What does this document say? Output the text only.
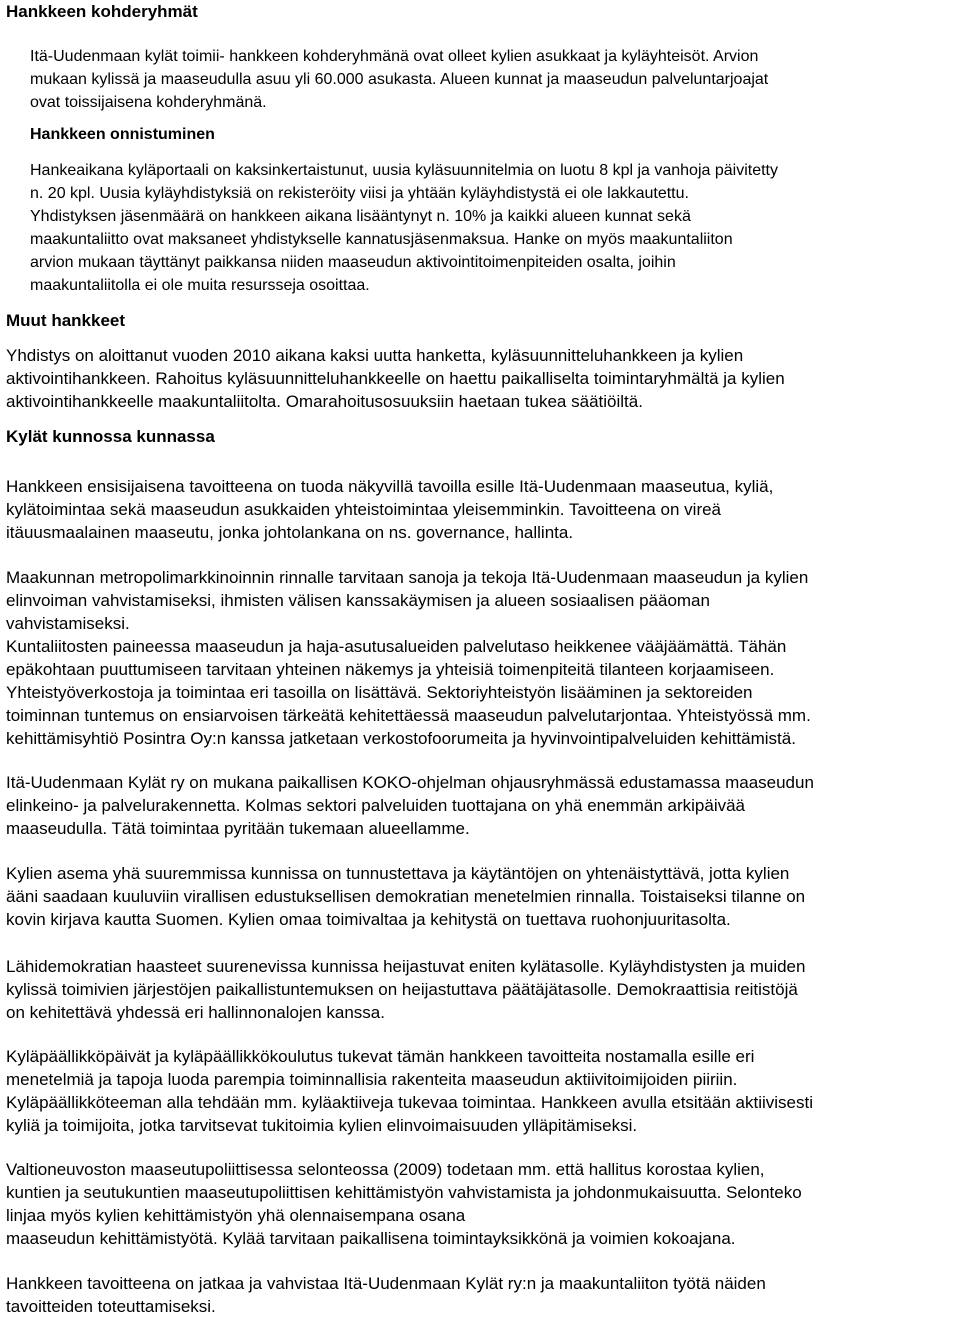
Hankkeen kohderyhmät
Itä-Uudenmaan kylät toimii- hankkeen kohderyhmänä ovat olleet kylien asukkaat ja kyläyhteisöt. Arvion
mukaan kylissä ja maaseudulla asuu yli 60.000 asukasta. Alueen kunnat ja maaseudun palveluntarjoajat
ovat toissijaisena kohderyhmänä.
Hankkeen onnistuminen
Hankeaikana kyläportaali on kaksinkertaistunut, uusia kyläsuunnitelmia on luotu 8 kpl ja vanhoja päivitetty
n. 20 kpl. Uusia kyläyhdistyksiä on rekisteröity viisi ja yhtään kyläyhdistystä ei ole lakkautettu.
Yhdistyksen jäsenmäärä on hankkeen aikana lisääntynyt n. 10% ja kaikki alueen kunnat sekä
maakuntaliitto ovat maksaneet yhdistykselle kannatusjäsenmaksua. Hanke on myös maakuntaliiton
arvion mukaan täyttänyt paikkansa niiden maaseudun aktivointitoimenpiteiden osalta, joihin
maakuntaliitolla ei ole muita resursseja osoittaa.
Muut hankkeet
Yhdistys on aloittanut vuoden 2010 aikana kaksi uutta hanketta, kyläsuunnitteluhankkeen ja kylien
aktivointihankkeen. Rahoitus kyläsuunnitteluhankkeelle on haettu paikalliselta toimintaryhmältä ja kylien
aktivointihankkeelle maakuntaliitolta. Omarahoitusosuuksiin haetaan tukea säätiöiltä.
Kylät kunnossa kunnassa
Hankkeen ensisijaisena tavoitteena on tuoda näkyvillä tavoilla esille Itä-Uudenmaan maaseutua, kyliä,
kylätoimintaa sekä maaseudun asukkaiden yhteistoimintaa yleisemminkin. Tavoitteena on vireä
itäuusmaalainen maaseutu, jonka johtolankana on ns. governance, hallinta.
Maakunnan metropolimarkkinoinnin rinnalle tarvitaan sanoja ja tekoja Itä-Uudenmaan maaseudun ja kylien
elinvoiman vahvistamiseksi, ihmisten välisen kanssakäymisen ja alueen sosiaalisen pääoman
vahvistamiseksi.
Kuntaliitosten paineessa maaseudun ja haja-asutusalueiden palvelutaso heikkenee vääjäämättä. Tähän
epäkohtaan puuttumiseen tarvitaan yhteinen näkemys ja yhteisiä toimenpiteitä tilanteen korjaamiseen.
Yhteistyöverkostoja ja toimintaa eri tasoilla on lisättävä. Sektoriyhteistyön lisääminen ja sektoreiden
toiminnan tuntemus on ensiarvoisen tärkeätä kehitettäessä maaseudun palvelutarjontaa. Yhteistyössä mm.
kehittämisyhtiö Posintra Oy:n kanssa jatketaan verkostofoorumeita ja hyvinvointipalveluiden kehittämistä.
Itä-Uudenmaan Kylät ry on mukana paikallisen KOKO-ohjelman ohjausryhmässä edustamassa maaseudun
elinkeino- ja palvelurakennetta. Kolmas sektori palveluiden tuottajana on yhä enemmän arkipäivää
maaseudulla. Tätä toimintaa pyritään tukemaan alueellamme.
Kylien asema yhä suuremmissa kunnissa on tunnustettava ja käytäntöjen on yhtenäistyttävä, jotta kylien
ääni saadaan kuuluviin virallisen edustuksellisen demokratian menetelmien rinnalla. Toistaiseksi tilanne on
kovin kirjava kautta Suomen. Kylien omaa toimivaltaa ja kehitystä on tuettava ruohonjuuritasolta.
Lähidemokratian haasteet suurenevissa kunnissa heijastuvat eniten kylätasolle. Kyläyhdistysten ja muiden
kylissä toimivien järjestöjen paikallistuntemuksen on heijastuttava päätäjätasolle. Demokraattisia reitistöjä
on kehitettävä yhdessä eri hallinnonalojen kanssa.
Kyläpäällikköpäivät ja kyläpäällikkökoulutus tukevat tämän hankkeen tavoitteita nostamalla esille eri
menetelmiä ja tapoja luoda parempia toiminnallisia rakenteita maaseudun aktiivitoimijoiden piiriin.
Kyläpäällikköteeman alla tehdään mm. kyläaktiiveja tukevaa toimintaa. Hankkeen avulla etsitään aktiivisesti
kyliä ja toimijoita, jotka tarvitsevat tukitoimia kylien elinvoimaisuuden ylläpitämiseksi.
Valtioneuvoston maaseutupoliittisessa selonteossa (2009) todetaan mm. että hallitus korostaa kylien,
kuntien ja seutukuntien maaseutupoliittisen kehittämistyön vahvistamista ja johdonmukaisuutta. Selonteko
linjaa myös kylien kehittämistyön yhä olennaisempana osana
maaseudun kehittämistyötä. Kylää tarvitaan paikallisena toimintayksikkönä ja voimien kokoajana.
Hankkeen tavoitteena on jatkaa ja vahvistaa Itä-Uudenmaan Kylät ry:n ja maakuntaliiton työtä näiden
tavoitteiden toteuttamiseksi.
